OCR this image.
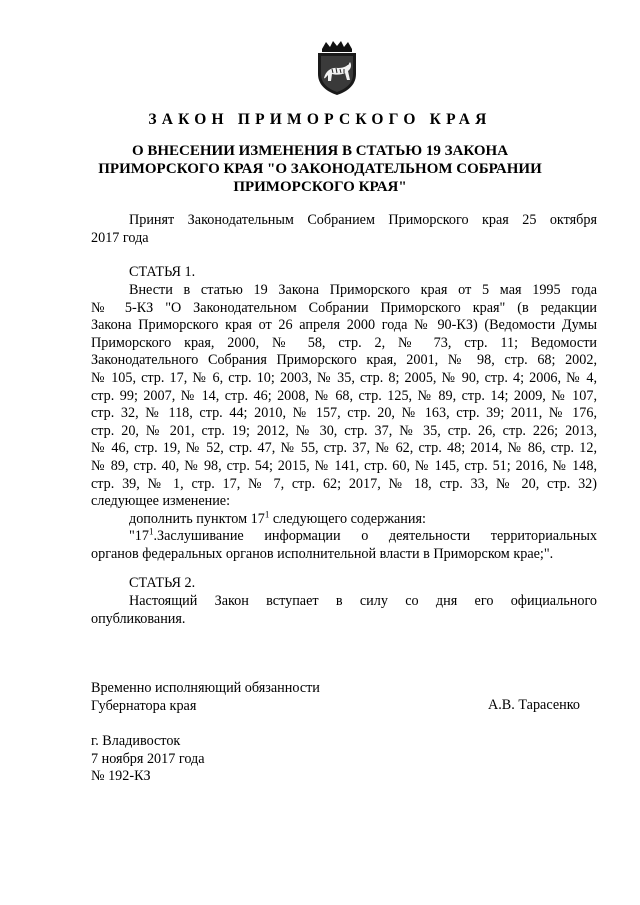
ЗАКОН ПРИМОРСКОГО КРАЯ
О ВНЕСЕНИИ ИЗМЕНЕНИЯ В СТАТЬЮ 19 ЗАКОНА
ПРИМОРСКОГО КРАЯ "О ЗАКОНОДАТЕЛЬНОМ СОБРАНИИ
ПРИМОРСКОГО КРАЯ"
Принят Законодательным Собранием Приморского края 25 октября
2017 года
СТАТЬЯ 1.
Внести в статью 19 Закона Приморского края от 5 мая 1995 года
№ 5-КЗ "О Законодательном Собрании Приморского края" (в редакции
Закона Приморского края от 26 апреля 2000 года № 90-КЗ) (Ведомости Думы
Приморского края, 2000, № 58, стр. 2, № 73, стр. 11; Ведомости
Законодательного Собрания Приморского края, 2001, № 98, стр. 68; 2002,
№ 105, стр. 17, № 6, стр. 10; 2003, № 35, стр. 8; 2005, № 90, стр. 4; 2006, № 4,
стр. 99; 2007, № 14, стр. 46; 2008, № 68, стр. 125, № 89, стр. 14; 2009, № 107,
стр. 32, № 118, стр. 44; 2010, № 157, стр. 20, № 163, стр. 39; 2011, № 176,
стр. 20, № 201, стр. 19; 2012, № 30, стр. 37, № 35, стр. 26, стр. 226; 2013,
№ 46, стр. 19, № 52, стр. 47, № 55, стр. 37, № 62, стр. 48; 2014, № 86, стр. 12,
№ 89, стр. 40, № 98, стр. 54; 2015, № 141, стр. 60, № 145, стр. 51; 2016, № 148,
стр. 39, № 1, стр. 17, № 7, стр. 62; 2017, № 18, стр. 33, № 20, стр. 32)
следующее изменение:
дополнить пунктом $17^1$ следующего содержания:
"$17^1.Заслушивание$ информации о деятельности территориальных
органов федеральных органов исполнительной власти в Приморском крае;".
СТАТЬЯ 2.
Настоящий Закон вступает в силу со дня его официального
опубликования.
Временно исполняющий обязанности
Губернатора края	А.В. Тарасенко
г. Владивосток
7 ноября 2017 года
№ 192-КЗ
